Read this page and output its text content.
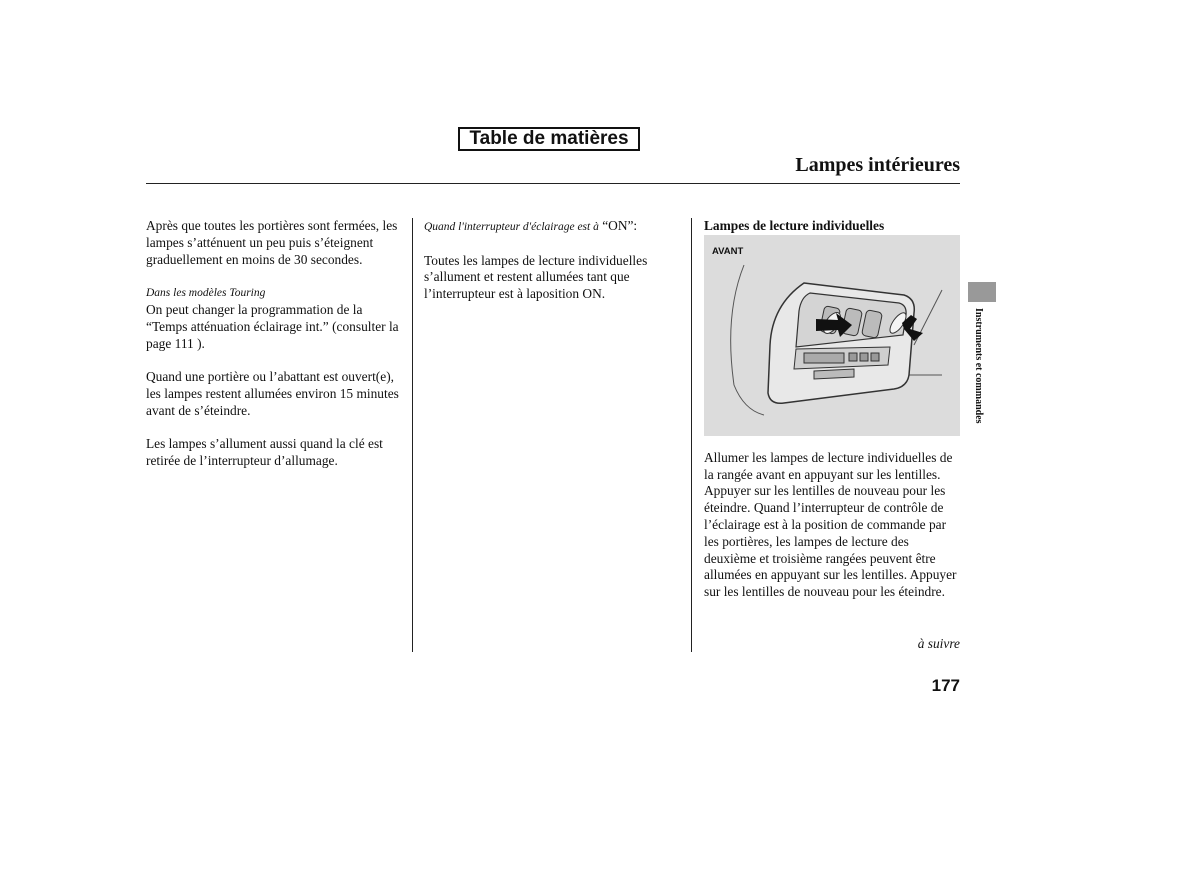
Table de matières
Lampes intérieures

Après que toutes les portières sont fermées, les lampes s’atténuent un peu puis s’éteignent graduellement en moins de 30 secondes.

Dans les modèles Touring

On peut changer la programmation de la “Temps atténuation éclairage int.” (consulter la page 111 ).

Quand une portière ou l’abattant est ouvert(e), les lampes restent allumées environ 15 minutes avant de s’éteindre.

Les lampes s’allument aussi quand la clé est retirée de l’interrupteur d’allumage.

Quand l'interrupteur d'éclairage est à “ON”:

Toutes les lampes de lecture individuelles s’allument et restent allumées tant que l’interrupteur est à laposition ON.

Lampes de lecture individuelles

AVANT

Allumer les lampes de lecture individuelles de la rangée avant en appuyant sur les lentilles. Appuyer sur les lentilles de nouveau pour les éteindre. Quand l’interrupteur de contrôle de l’éclairage est à la position de commande par les portières, les lampes de lecture des deuxième et troisième rangées peuvent être allumées en appuyant sur les lentilles. Appuyer sur les lentilles de nouveau pour les éteindre.

Instruments et commandes
à suivre
177
